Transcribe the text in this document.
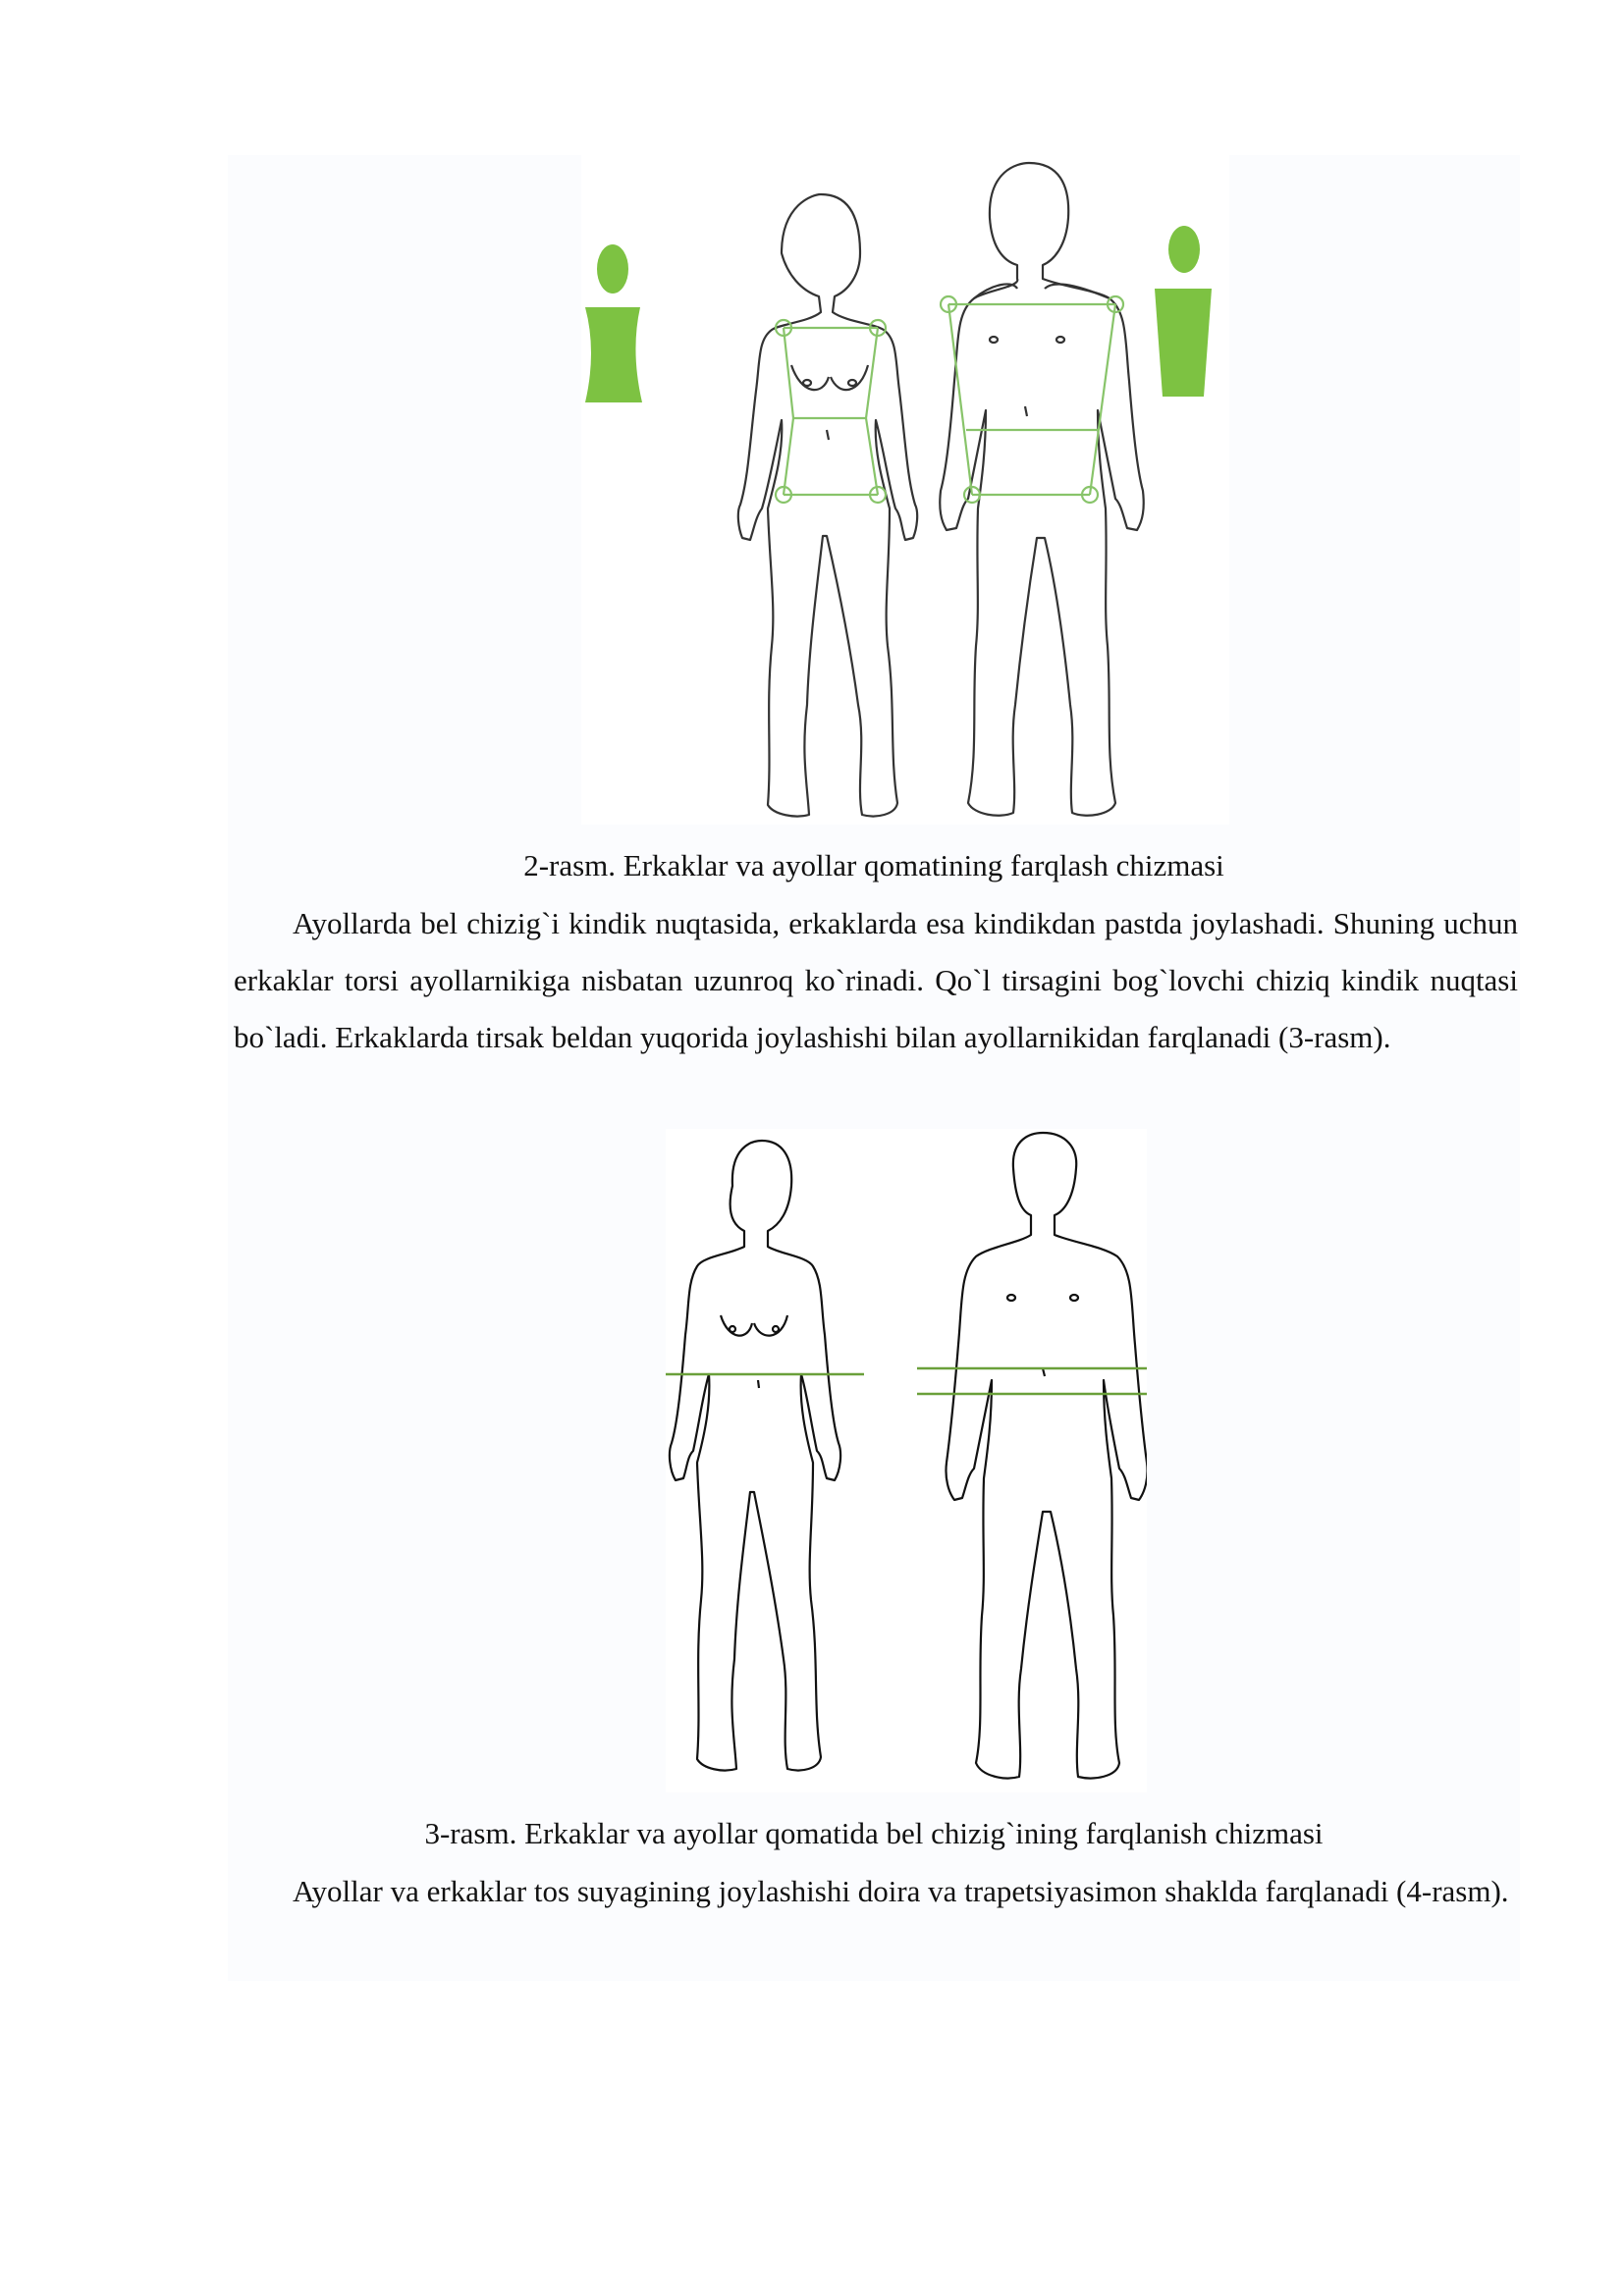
2-rasm. Erkaklar va ayollar qomatining farqlash chizmasi

Ayollarda bel chizig`i kindik nuqtasida, erkaklarda esa kindikdan pastda joylashadi. Shuning uchun erkaklar torsi ayollarnikiga nisbatan uzunroq ko`rinadi. Qo`l tirsagini bog`lovchi chiziq kindik nuqtasi bo`ladi. Erkaklarda tirsak beldan yuqorida joylashishi bilan ayollarnikidan farqlanadi (3-rasm).

3-rasm. Erkaklar va ayollar qomatida bel chizig`ining farqlanish chizmasi

Ayollar va erkaklar tos suyagining joylashishi doira va trapetsiyasimon shaklda farqlanadi (4-rasm).
